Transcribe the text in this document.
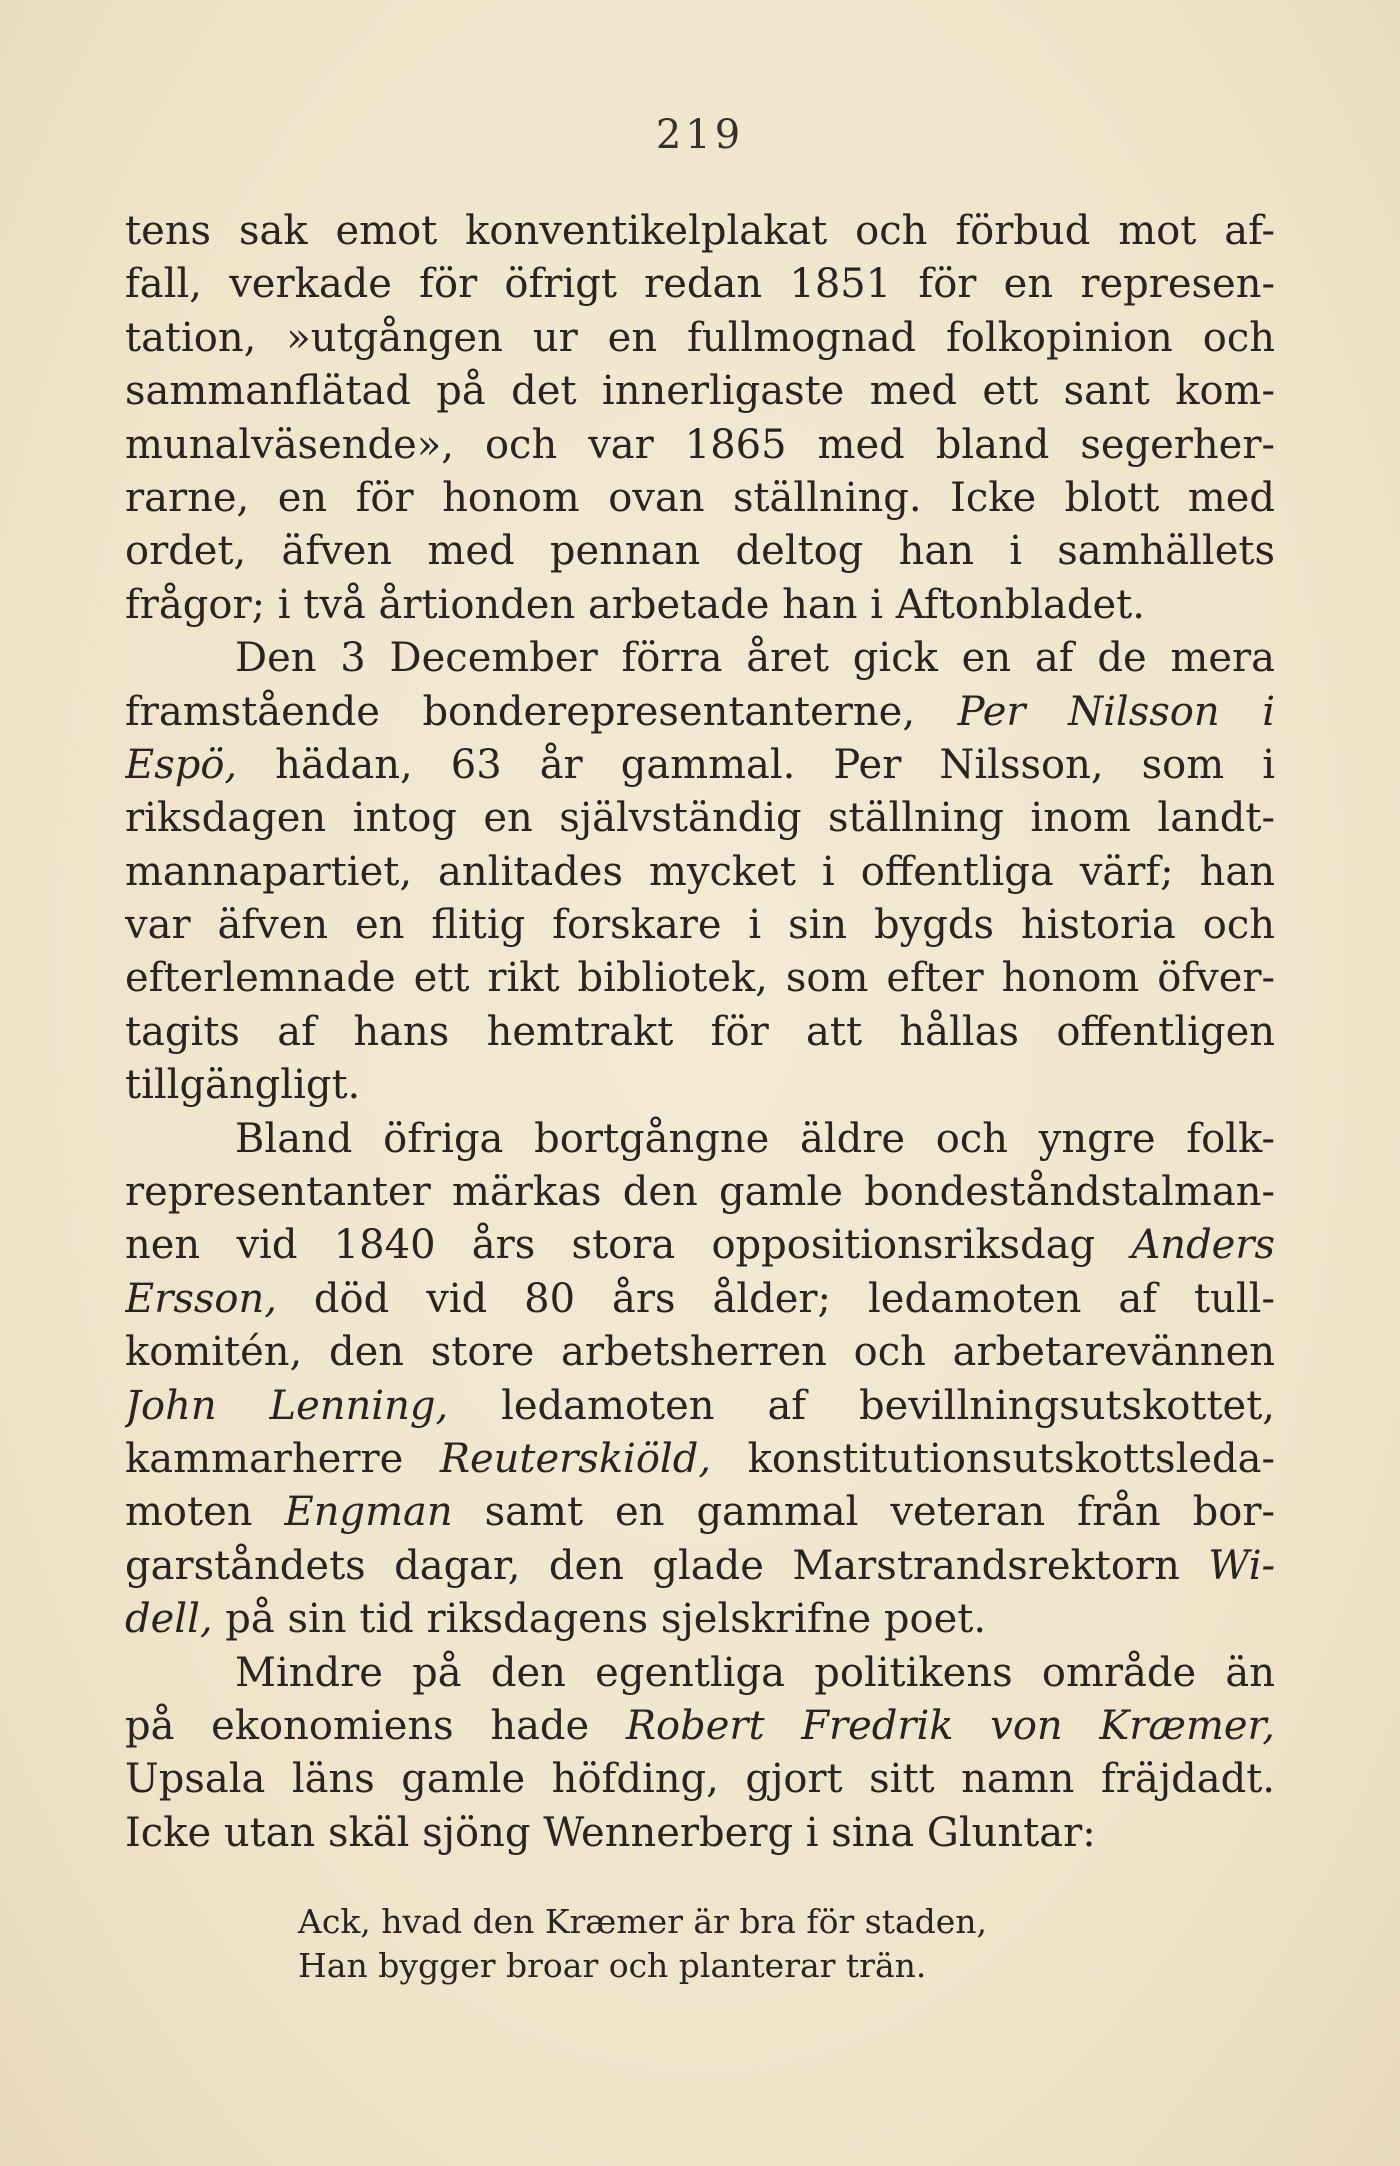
219
tens sak emot konventikelplakat och förbud mot af-
fall, verkade för öfrigt redan 1851 för en represen-
tation, »utgången ur en fullmognad folkopinion och
sammanflätad på det innerligaste med ett sant kom-
munalväsende», och var 1865 med bland segerher-
rarne, en för honom ovan ställning. Icke blott med
ordet, äfven med pennan deltog han i samhällets
frågor; i två årtionden arbetade han i Aftonbladet.
Den 3 December förra året gick en af de mera
framstående bonderepresentanterne, Per Nilsson i
Espö, hädan, 63 år gammal. Per Nilsson, som i
riksdagen intog en självständig ställning inom landt-
mannapartiet, anlitades mycket i offentliga värf; han
var äfven en flitig forskare i sin bygds historia och
efterlemnade ett rikt bibliotek, som efter honom öfver-
tagits af hans hemtrakt för att hållas offentligen
tillgängligt.
Bland öfriga bortgångne äldre och yngre folk-
representanter märkas den gamle bondeståndstalman-
nen vid 1840 års stora oppositionsriksdag Anders
Ersson, död vid 80 års ålder; ledamoten af tull-
komitén, den store arbetsherren och arbetarevännen
John Lenning, ledamoten af bevillningsutskottet,
kammarherre Reuterskiöld, konstitutionsutskottsleda-
moten Engman samt en gammal veteran från bor-
garståndets dagar, den glade Marstrandsrektorn Wi-
dell, på sin tid riksdagens sjelskrifne poet.
Mindre på den egentliga politikens område än
på ekonomiens hade Robert Fredrik von Kræmer,
Upsala läns gamle höfding, gjort sitt namn fräjdadt.
Icke utan skäl sjöng Wennerberg i sina Gluntar:
Ack, hvad den Kræmer är bra för staden,
Han bygger broar och planterar trän.
